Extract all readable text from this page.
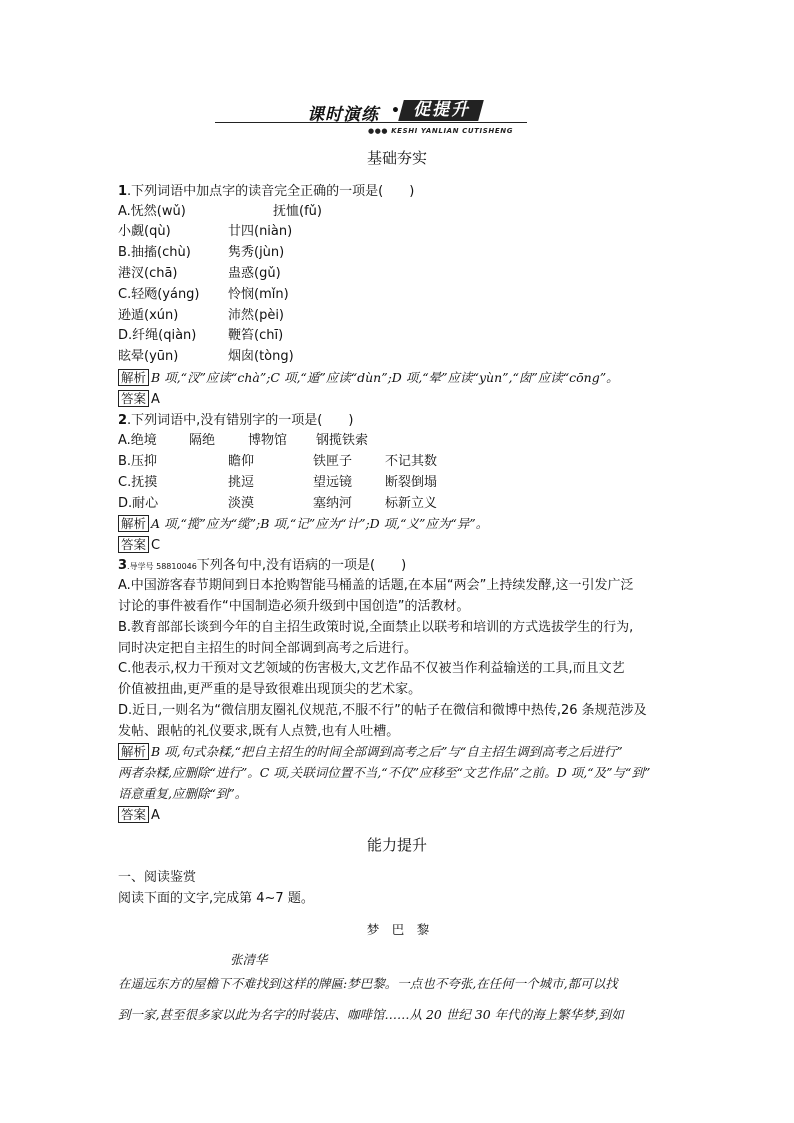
课时演练 • 促提升
●●● KESHI YANLIAN CUTISHENG
基础夯实
1.下列词语中加点字的读音完全正确的一项是(　　)
A.怃然(wǔ)	抚恤(fǔ)
小觑(qù)	廿四(niàn)
B.抽搐(chù)	隽秀(jùn)
港汊(chā)	蛊惑(gǔ)
C.轻飏(yáng) 怜悯(mǐn)
逊遁(xún)	沛然(pèi)
D.纤绳(qiàn) 鞭笞(chī)
眩晕(yūn)	烟囱(tòng)
解析 B 项,“汊”应读“chà”;C 项,“遁”应读“dùn”;D 项,“晕”应读“yùn”,“囱”应读“cōng”。
答案 A
2.下列词语中,没有错别字的一项是(　　)
A.绝境 隔绝	博物馆 钢揽铁索
B.压抑	瞻仰	铁匣子	不记其数
C.抚摸	挑逗	望远镜	断裂倒塌
D.耐心	淡漠	塞纳河	标新立义
解析 A 项,“揽”应为“缆”;B 项,“记”应为“计”;D 项,“义”应为“异”。
答案 C
3.导学号 58810046下列各句中,没有语病的一项是(　　)
A.中国游客春节期间到日本抢购智能马桶盖的话题,在本届“两会”上持续发酵,这一引发广泛
讨论的事件被看作“中国制造必须升级到中国创造”的活教材。
B.教育部部长谈到今年的自主招生政策时说,全面禁止以联考和培训的方式选拔学生的行为,
同时决定把自主招生的时间全部调到高考之后进行。
C.他表示,权力干预对文艺领域的伤害极大,文艺作品不仅被当作利益输送的工具,而且文艺
价值被扭曲,更严重的是导致很难出现顶尖的艺术家。
D.近日,一则名为“微信朋友圈礼仪规范,不服不行”的帖子在微信和微博中热传,26 条规范涉及
发帖、跟帖的礼仪要求,既有人点赞,也有人吐槽。
解析 B 项,句式杂糅,“把自主招生的时间全部调到高考之后”与“自主招生调到高考之后进行”
两者杂糅,应删除“进行”。C 项,关联词位置不当,“不仅”应移至“文艺作品”之前。D 项,“及”与“到”
语意重复,应删除“到”。
答案 A
能力提升
一、阅读鉴赏
阅读下面的文字,完成第 4~7 题。
梦　巴　黎
张清华
在遥远东方的屋檐下不难找到这样的牌匾:梦巴黎。一点也不夸张,在任何一个城市,都可以找
到一家,甚至很多家以此为名字的时装店、咖啡馆……从 20 世纪 30 年代的海上繁华梦,到如
